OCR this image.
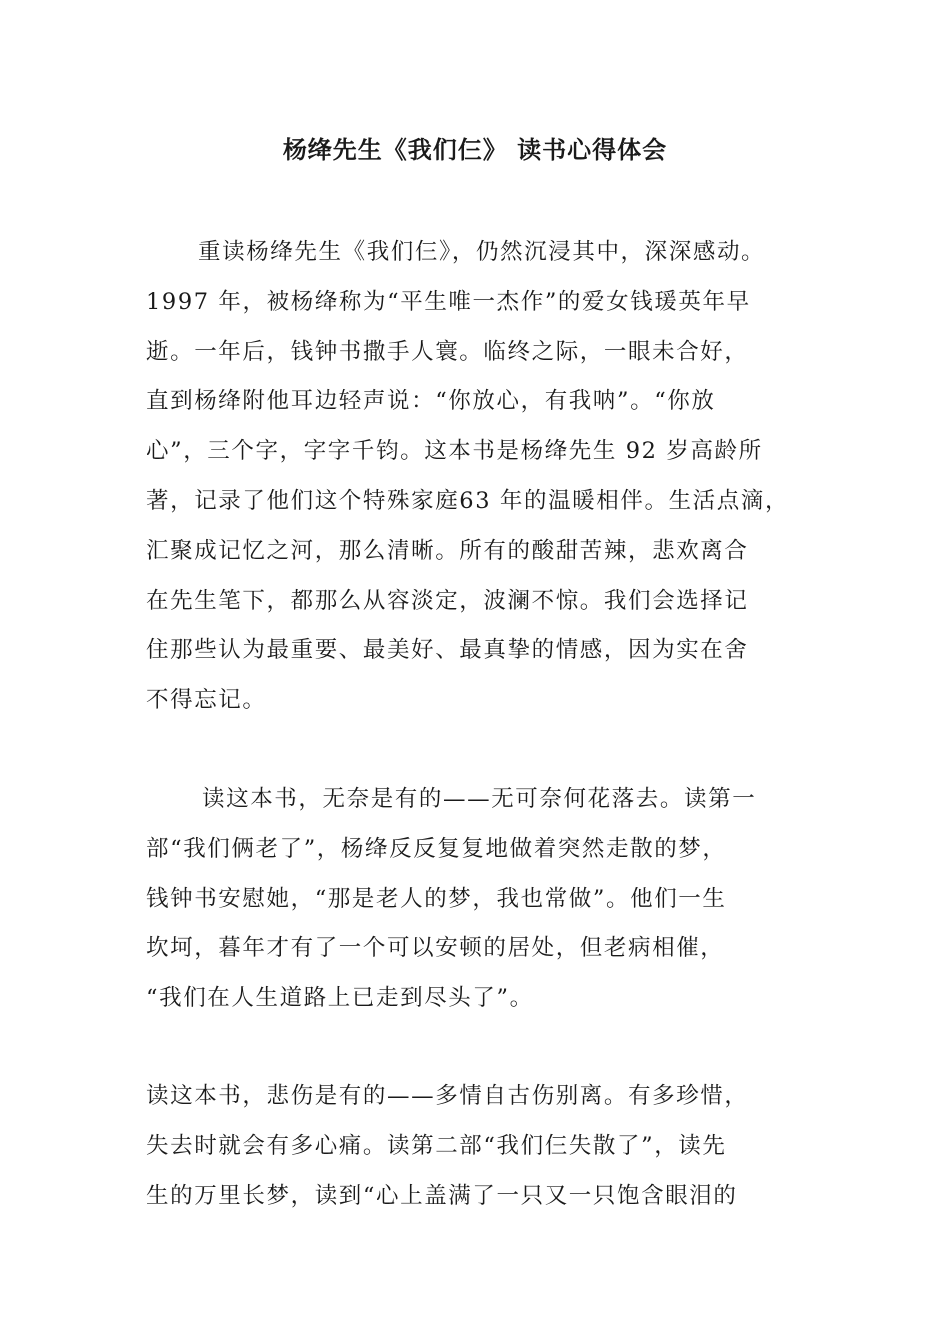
杨绛先生《我们仨》 读书心得体会

重读杨绛先生《我们仨》，仍然沉浸其中，深深感动。
1997 年，被杨绛称为“平生唯一杰作”的爱女钱瑗英年早
逝。一年后，钱钟书撒手人寰。临终之际，一眼未合好，
直到杨绛附他耳边轻声说：“你放心，有我呐”。“你放
心”，三个字，字字千钧。这本书是杨绛先生 92 岁高龄所
著，记录了他们这个特殊家庭63 年的温暖相伴。生活点滴，
汇聚成记忆之河，那么清晰。所有的酸甜苦辣，悲欢离合
在先生笔下，都那么从容淡定，波澜不惊。我们会选择记
住那些认为最重要、最美好、最真挚的情感，因为实在舍
不得忘记。

读这本书，无奈是有的——无可奈何花落去。读第一
部“我们俩老了”，杨绛反反复复地做着突然走散的梦，
钱钟书安慰她，“那是老人的梦，我也常做”。他们一生
坎坷，暮年才有了一个可以安顿的居处，但老病相催，
“我们在人生道路上已走到尽头了”。

读这本书，悲伤是有的——多情自古伤别离。有多珍惜，
失去时就会有多心痛。读第二部“我们仨失散了”，读先
生的万里长梦，读到“心上盖满了一只又一只饱含眼泪的
